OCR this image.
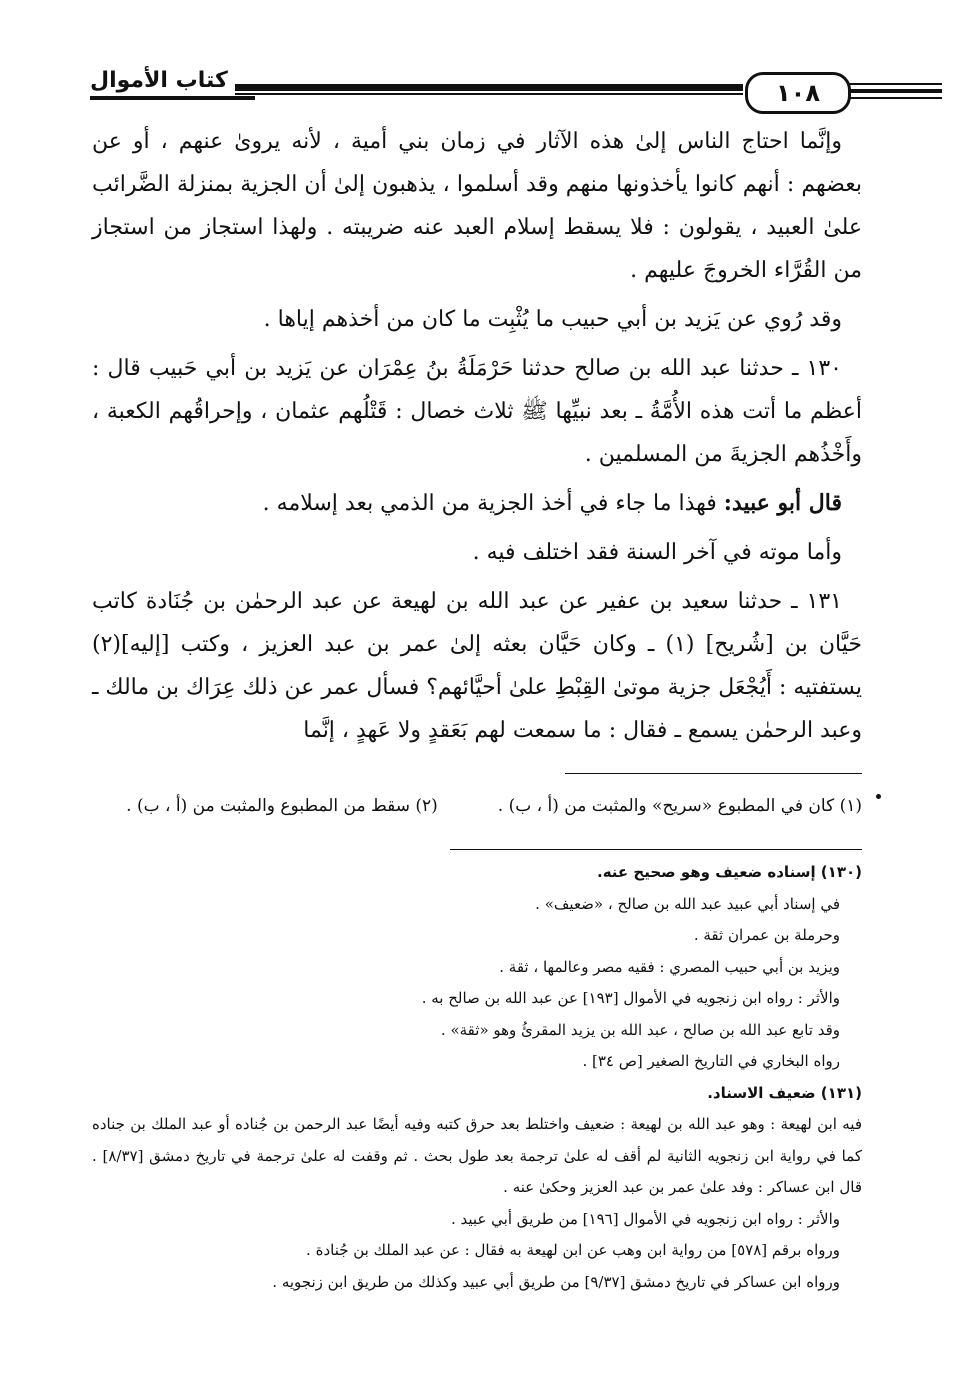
كتاب الأموال	١٠٨

وإنَّما احتاج الناس إلىٰ هذه الآثار في زمان بني أمية ، لأنه يروىٰ عنهم ، أو عن بعضهم : أنهم كانوا يأخذونها منهم وقد أسلموا ، يذهبون إلىٰ أن الجزية بمنزلة الضَّرائب علىٰ العبيد ، يقولون : فلا يسقط إسلام العبد عنه ضريبته . ولهذا استجاز من استجاز من القُرَّاء الخروجَ عليهم .

وقد رُوي عن يَزيد بن أبي حبيب ما يُثْبِت ما كان من أخذهم إياها .

١٣٠ ـ حدثنا عبد الله بن صالح حدثنا حَرْمَلَةُ بنُ عِمْرَان عن يَزيد بن أبي حَبيب قال : أعظم ما أتت هذه الأُمَّةُ ـ بعد نبيِّها ﷺ ثلاث خصال : قَتْلُهم عثمان ، وإحراقُهم الكعبة ، وأَخْذُهم الجزيةَ من المسلمين .

قال أبو عبيد: فهذا ما جاء في أخذ الجزية من الذمي بعد إسلامه .

وأما موته في آخر السنة فقد اختلف فيه .

١٣١ ـ حدثنا سعيد بن عفير عن عبد الله بن لهيعة عن عبد الرحمٰن بن جُنَادة كاتب حَيَّان بن [شُريح] (١) ـ وكان حَيَّان بعثه إلىٰ عمر بن عبد العزيز ، وكتب [إليه](٢) يستفتيه : أَيُجْعَل جزية موتىٰ القِبْطِ علىٰ أحيَّائهم؟ فسأل عمر عن ذلك عِرَاك بن مالك ـ وعبد الرحمٰن يسمع ـ فقال : ما سمعت لهم بَعَقدٍ ولا عَهدٍ ، إنَّما

(١) كان في المطبوع «سريح» والمثبت من (أ ، ب) .
(٢) سقط من المطبوع والمثبت من (أ ، ب) .
(١٣٠) إسناده ضعيف وهو صحيح عنه.
في إسناد أبي عبيد عبد الله بن صالح ، «ضعيف» .
وحرملة بن عمران ثقة .
ويزيد بن أبي حبيب المصري : فقيه مصر وعالمها ، ثقة .
والأثر : رواه ابن زنجويه في الأموال [١٩٣] عن عبد الله بن صالح به .
وقد تابع عبد الله بن صالح ، عبد الله بن يزيد المقرئُ وهو «ثقة» .
رواه البخاري في التاريخ الصغير [ص ٣٤] .
(١٣١) ضعيف الاسناد.
فيه ابن لهيعة : وهو عبد الله بن لهيعة : ضعيف واختلط بعد حرق كتبه وفيه أيضًا عبد الرحمن بن جُناده أو عبد الملك بن جناده كما في رواية ابن زنجويه الثانية لم أقف له علىٰ ترجمة بعد طول بحث . ثم وقفت له علىٰ ترجمة في تاريخ دمشق [٨/٣٧] . قال ابن عساكر : وفد علىٰ عمر بن عبد العزيز وحكىٰ عنه .
والأثر : رواه ابن زنجويه في الأموال [١٩٦] من طريق أبي عبيد .
ورواه برقم [٥٧٨] من رواية ابن وهب عن ابن لهيعة به فقال : عن عبد الملك بن جُنادة .
ورواه ابن عساكر في تاريخ دمشق [٩/٣٧] من طريق أبي عبيد وكذلك من طريق ابن زنجويه .
